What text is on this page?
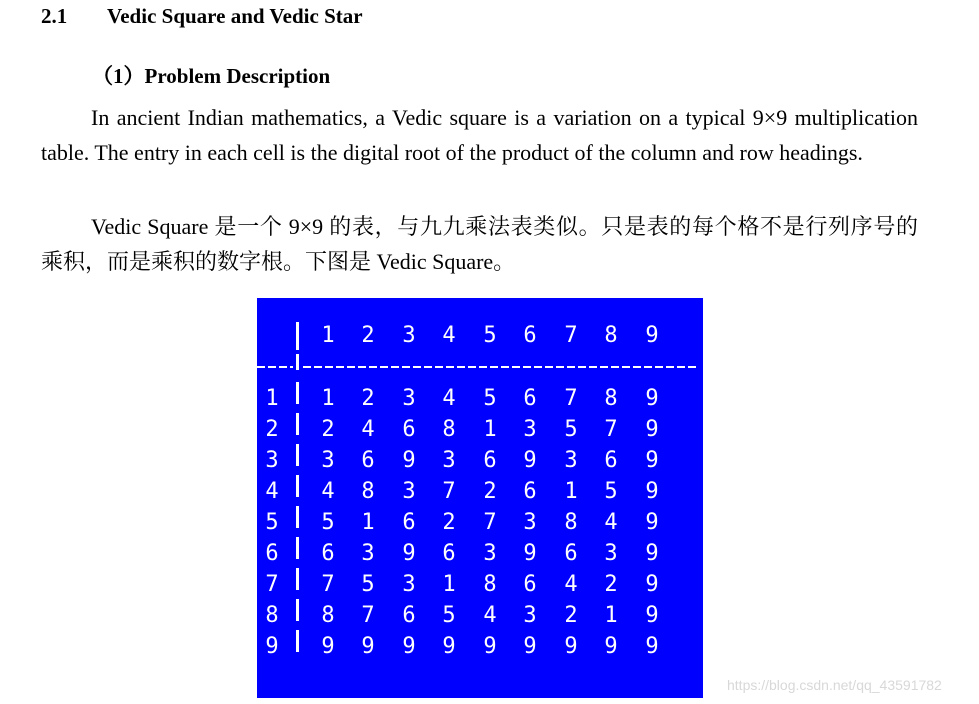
2.1 Vedic Square and Vedic Star
（1）Problem Description

In ancient Indian mathematics, a Vedic square is a variation on a typical 9×9 multiplication table. The entry in each cell is the digital root of the product of the column and row headings.

Vedic Square 是一个 9×9 的表，与九九乘法表类似。只是表的每个格不是行列序号的乘积，而是乘积的数字根。下图是 Vedic Square。

1 2 3 4 5 6 7 8 9
1 1 2 3 4 5 6 7 8 9
2 2 4 6 8 1 3 5 7 9
3 3 6 9 3 6 9 3 6 9
4 4 8 3 7 2 6 1 5 9
5 5 1 6 2 7 3 8 4 9
6 6 3 9 6 3 9 6 3 9
7 7 5 3 1 8 6 4 2 9
8 8 7 6 5 4 3 2 1 9
9 9 9 9 9 9 9 9 9 9
https://blog.csdn.net/qq_43591782
